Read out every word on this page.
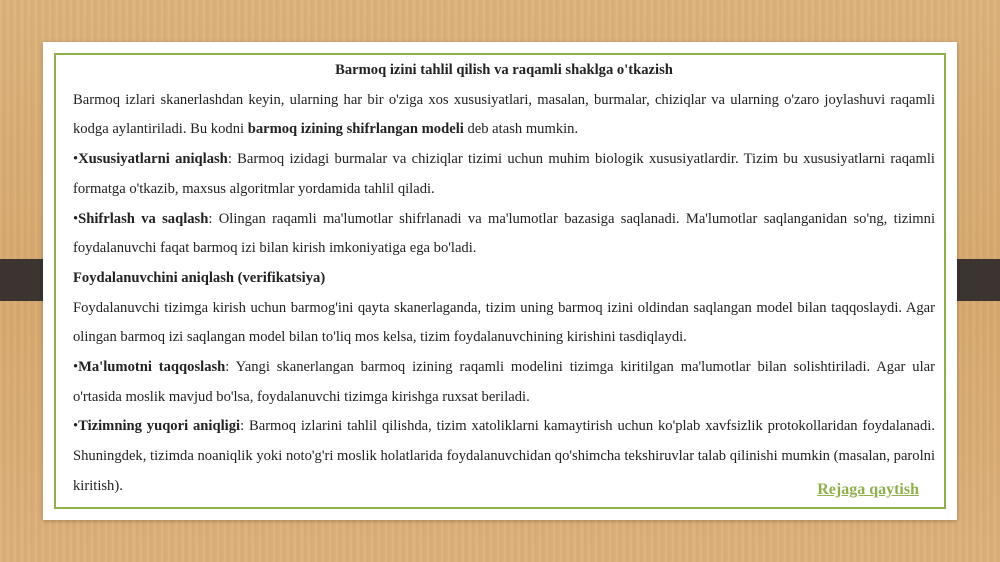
Barmoq izini tahlil qilish va raqamli shaklga o'tkazish

Barmoq izlari skanerlashdan keyin, ularning har bir o'ziga xos xususiyatlari, masalan, burmalar, chiziqlar va ularning o'zaro joylashuvi raqamli kodga aylantiriladi. Bu kodni barmoq izining shifrlangan modeli deb atash mumkin.

•Xususiyatlarni aniqlash: Barmoq izidagi burmalar va chiziqlar tizimi uchun muhim biologik xususiyatlardir. Tizim bu xususiyatlarni raqamli formatga o'tkazib, maxsus algoritmlar yordamida tahlil qiladi.

•Shifrlash va saqlash: Olingan raqamli ma'lumotlar shifrlanadi va ma'lumotlar bazasiga saqlanadi. Ma'lumotlar saqlanganidan so'ng, tizimni foydalanuvchi faqat barmoq izi bilan kirish imkoniyatiga ega bo'ladi.

Foydalanuvchini aniqlash (verifikatsiya)

Foydalanuvchi tizimga kirish uchun barmog'ini qayta skanerlaganda, tizim uning barmoq izini oldindan saqlangan model bilan taqqoslaydi. Agar olingan barmoq izi saqlangan model bilan to'liq mos kelsa, tizim foydalanuvchining kirishini tasdiqlaydi.

•Ma'lumotni taqqoslash: Yangi skanerlangan barmoq izining raqamli modelini tizimga kiritilgan ma'lumotlar bilan solishtiriladi. Agar ular o'rtasida moslik mavjud bo'lsa, foydalanuvchi tizimga kirishga ruxsat beriladi.

•Tizimning yuqori aniqligi: Barmoq izlarini tahlil qilishda, tizim xatoliklarni kamaytirish uchun ko'plab xavfsizlik protokollaridan foydalanadi. Shuningdek, tizimda noaniqlik yoki noto'g'ri moslik holatlarida foydalanuvchidan qo'shimcha tekshiruvlar talab qilinishi mumkin (masalan, parolni kiritish).	Rejaga qaytish
